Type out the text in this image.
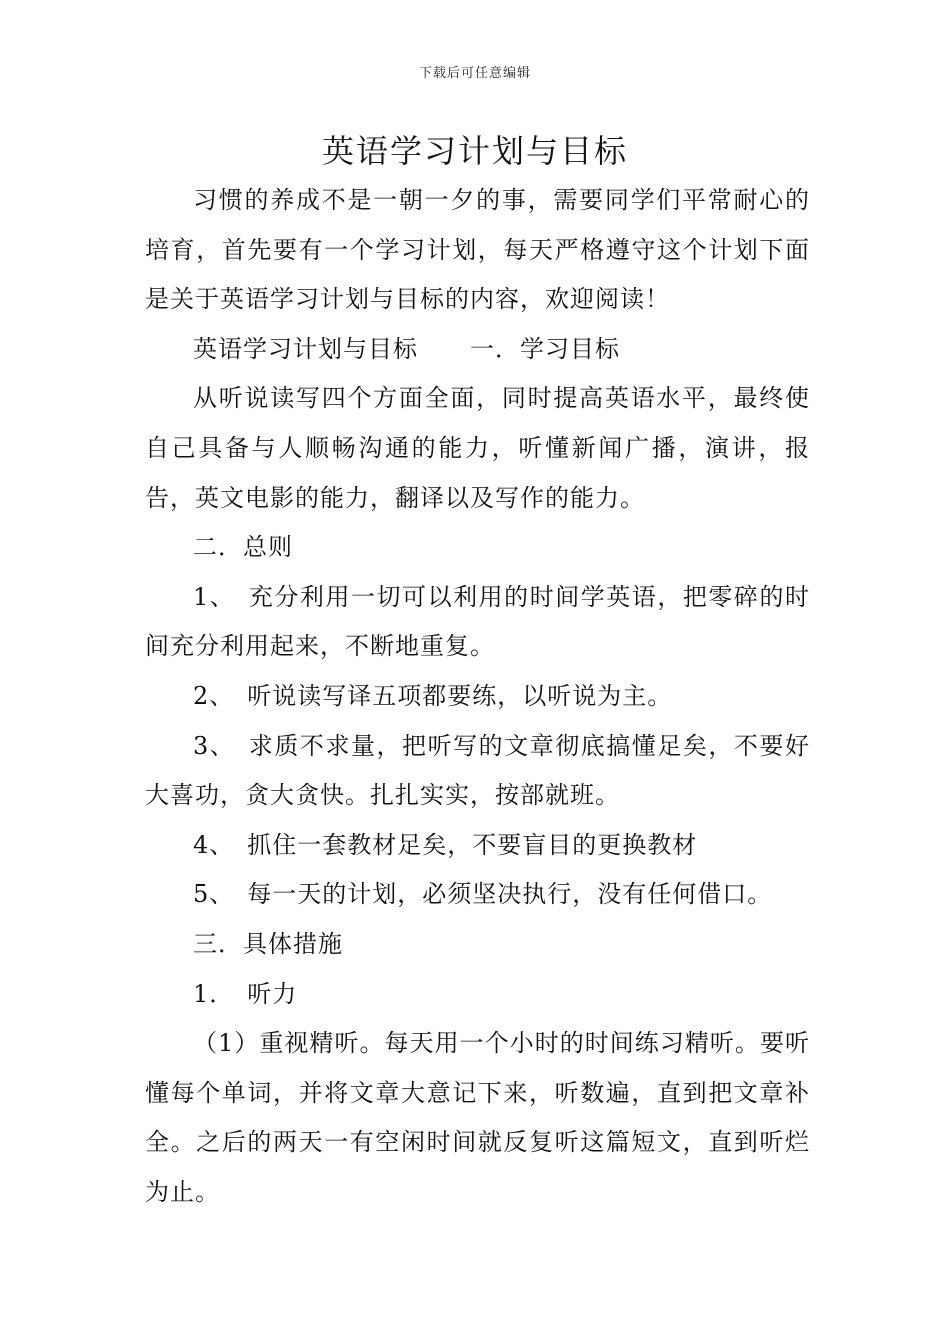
下载后可任意编辑
英语学习计划与目标

习惯的养成不是一朝一夕的事，需要同学们平常耐心的培育，首先要有一个学习计划，每天严格遵守这个计划下面是关于英语学习计划与目标的内容，欢迎阅读！

英语学习计划与目标 一．学习目标

从听说读写四个方面全面，同时提高英语水平，最终使自己具备与人顺畅沟通的能力，听懂新闻广播，演讲，报告，英文电影的能力，翻译以及写作的能力。

二．总则

1、　充分利用一切可以利用的时间学英语，把零碎的时间充分利用起来，不断地重复。

2、　听说读写译五项都要练，以听说为主。

3、　求质不求量，把听写的文章彻底搞懂足矣，不要好大喜功，贪大贪快。扎扎实实，按部就班。

4、　抓住一套教材足矣，不要盲目的更换教材

5、　每一天的计划，必须坚决执行，没有任何借口。

三．具体措施

1．　听力

（1）重视精听。每天用一个小时的时间练习精听。要听懂每个单词，并将文章大意记下来，听数遍，直到把文章补全。之后的两天一有空闲时间就反复听这篇短文，直到听烂为止。
